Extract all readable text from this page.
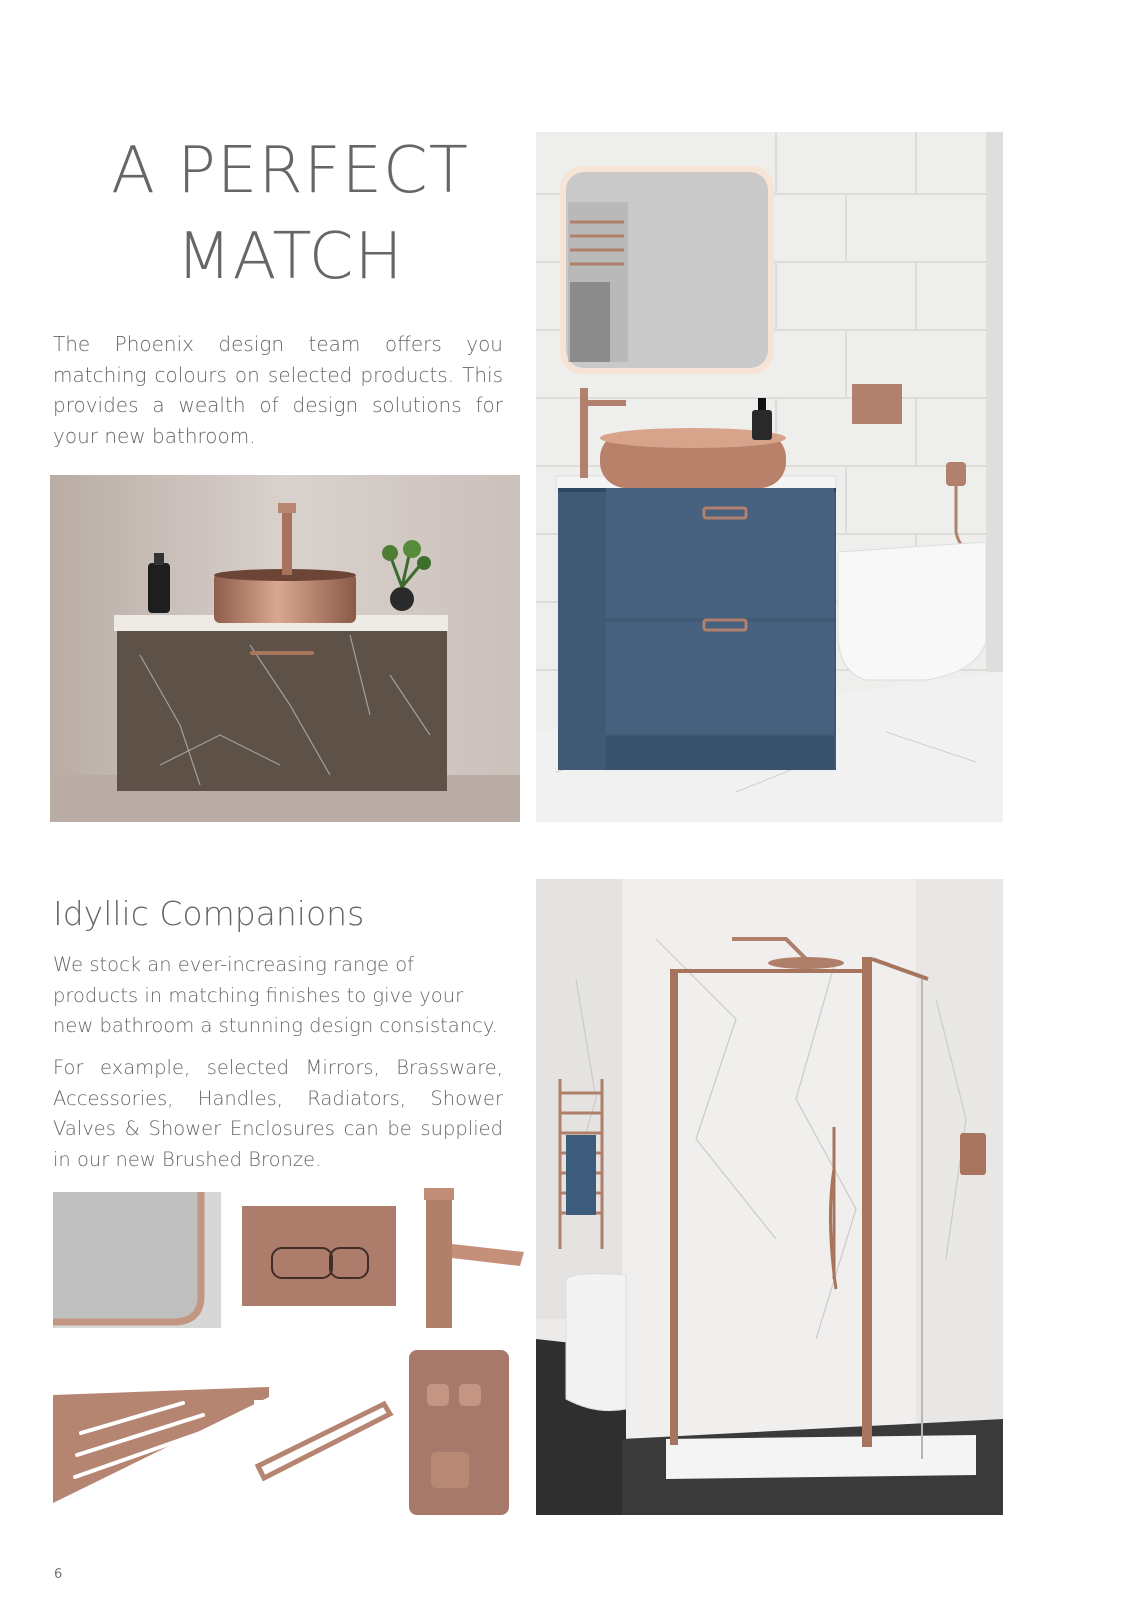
A PERFECT
MATCH

The Phoenix design team offers you matching colours on selected products. This provides a wealth of design solutions for your new bathroom.

Idyllic Companions

We stock an ever-increasing range of products in matching finishes to give your new bathroom a stunning design consistancy.

For example, selected Mirrors, Brassware, Accessories, Handles, Radiators, Shower Valves & Shower Enclosures can be supplied in our new Brushed Bronze.

6
